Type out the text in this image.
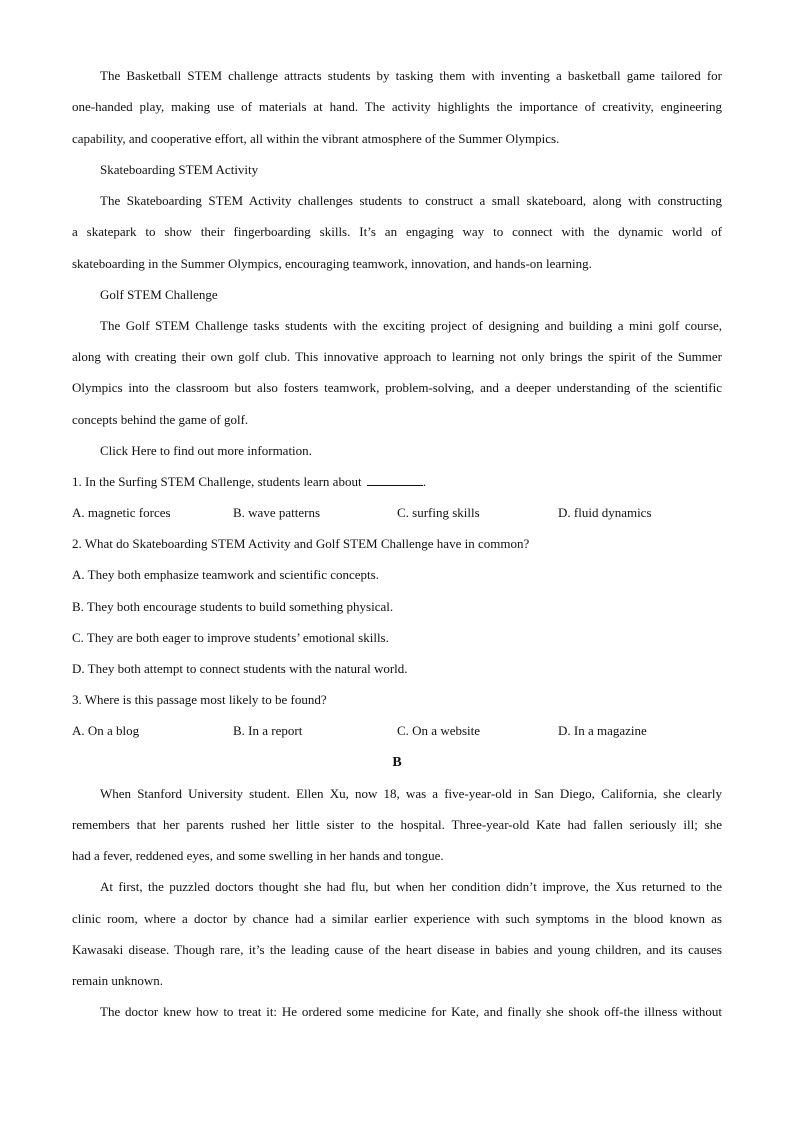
The Basketball STEM challenge attracts students by tasking them with inventing a basketball game tailored for
one-handed play, making use of materials at hand. The activity highlights the importance of creativity, engineering
capability, and cooperative effort, all within the vibrant atmosphere of the Summer Olympics.
Skateboarding STEM Activity
The Skateboarding STEM Activity challenges students to construct a small skateboard, along with constructing
a skatepark to show their fingerboarding skills. It’s an engaging way to connect with the dynamic world of
skateboarding in the Summer Olympics, encouraging teamwork, innovation, and hands-on learning.
Golf STEM Challenge
The Golf STEM Challenge tasks students with the exciting project of designing and building a mini golf course,
along with creating their own golf club. This innovative approach to learning not only brings the spirit of the Summer
Olympics into the classroom but also fosters teamwork, problem-solving, and a deeper understanding of the scientific
concepts behind the game of golf.
Click Here to find out more information.
1. In the Surfing STEM Challenge, students learn about	.
A. magnetic forces	B. wave patterns	C. surfing skills	D. fluid dynamics
2. What do Skateboarding STEM Activity and Golf STEM Challenge have in common?
A. They both emphasize teamwork and scientific concepts.
B. They both encourage students to build something physical.
C. They are both eager to improve students’ emotional skills.
D. They both attempt to connect students with the natural world.
3. Where is this passage most likely to be found?
A. On a blog	B. In a report	C. On a website	D. In a magazine
B
When Stanford University student. Ellen Xu, now 18, was a five-year-old in San Diego, California, she clearly
remembers that her parents rushed her little sister to the hospital. Three-year-old Kate had fallen seriously ill; she
had a fever, reddened eyes, and some swelling in her hands and tongue.
At first, the puzzled doctors thought she had flu, but when her condition didn’t improve, the Xus returned to the
clinic room, where a doctor by chance had a similar earlier experience with such symptoms in the blood known as
Kawasaki disease. Though rare, it’s the leading cause of the heart disease in babies and young children, and its causes
remain unknown.
The doctor knew how to treat it: He ordered some medicine for Kate, and finally she shook off-the illness without
